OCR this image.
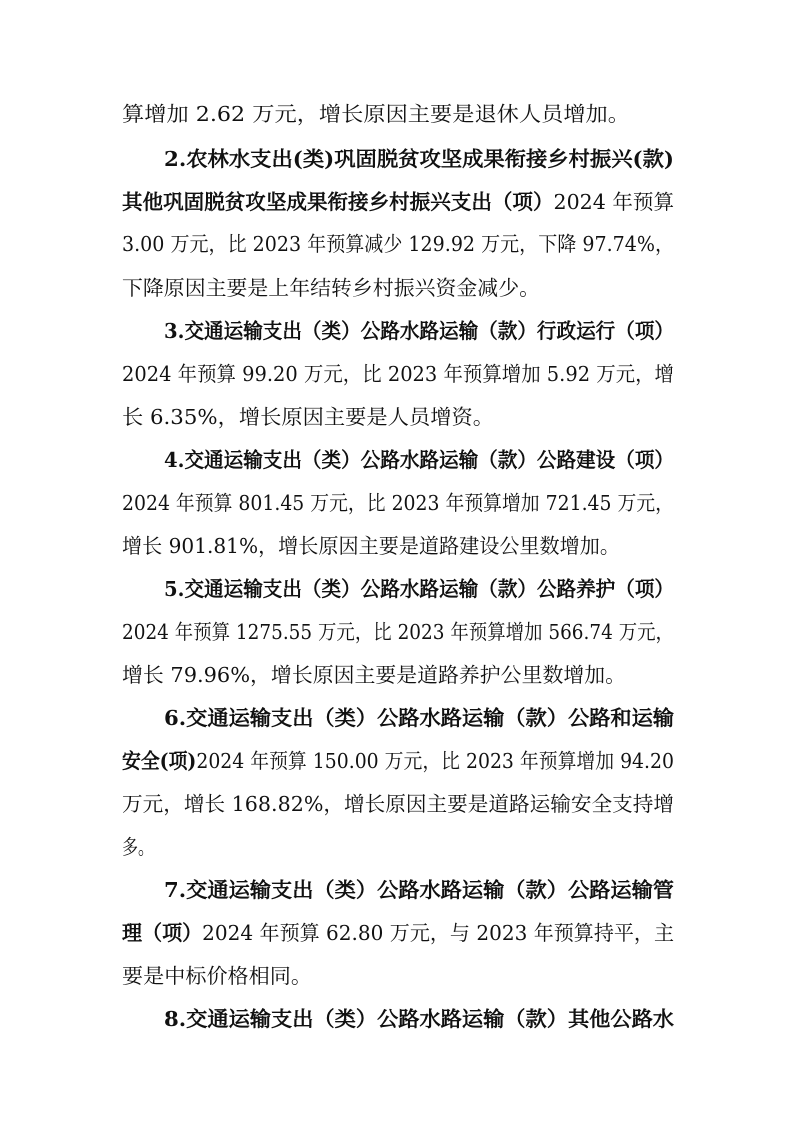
算增加 2.62 万元，增长原因主要是退休人员增加。
2.农林水支出(类)巩固脱贫攻坚成果衔接乡村振兴(款)
其他巩固脱贫攻坚成果衔接乡村振兴支出（项）2024 年预算
3.00 万元，比 2023 年预算减少 129.92 万元，下降 97.74%，
下降原因主要是上年结转乡村振兴资金减少。
3.交通运输支出（类）公路水路运输（款）行政运行（项）
2024 年预算 99.20 万元，比 2023 年预算增加 5.92 万元，增
长 6.35%，增长原因主要是人员增资。
4.交通运输支出（类）公路水路运输（款）公路建设（项）
2024 年预算 801.45 万元，比 2023 年预算增加 721.45 万元，
增长 901.81%，增长原因主要是道路建设公里数增加。
5.交通运输支出（类）公路水路运输（款）公路养护（项）
2024 年预算 1275.55 万元，比 2023 年预算增加 566.74 万元，
增长 79.96%，增长原因主要是道路养护公里数增加。
6.交通运输支出（类）公路水路运输（款）公路和运输
安全(项)2024 年预算 150.00 万元，比 2023 年预算增加 94.20
万元，增长 168.82%，增长原因主要是道路运输安全支持增
多。
7.交通运输支出（类）公路水路运输（款）公路运输管
理（项）2024 年预算 62.80 万元，与 2023 年预算持平，主
要是中标价格相同。
8.交通运输支出（类）公路水路运输（款）其他公路水
